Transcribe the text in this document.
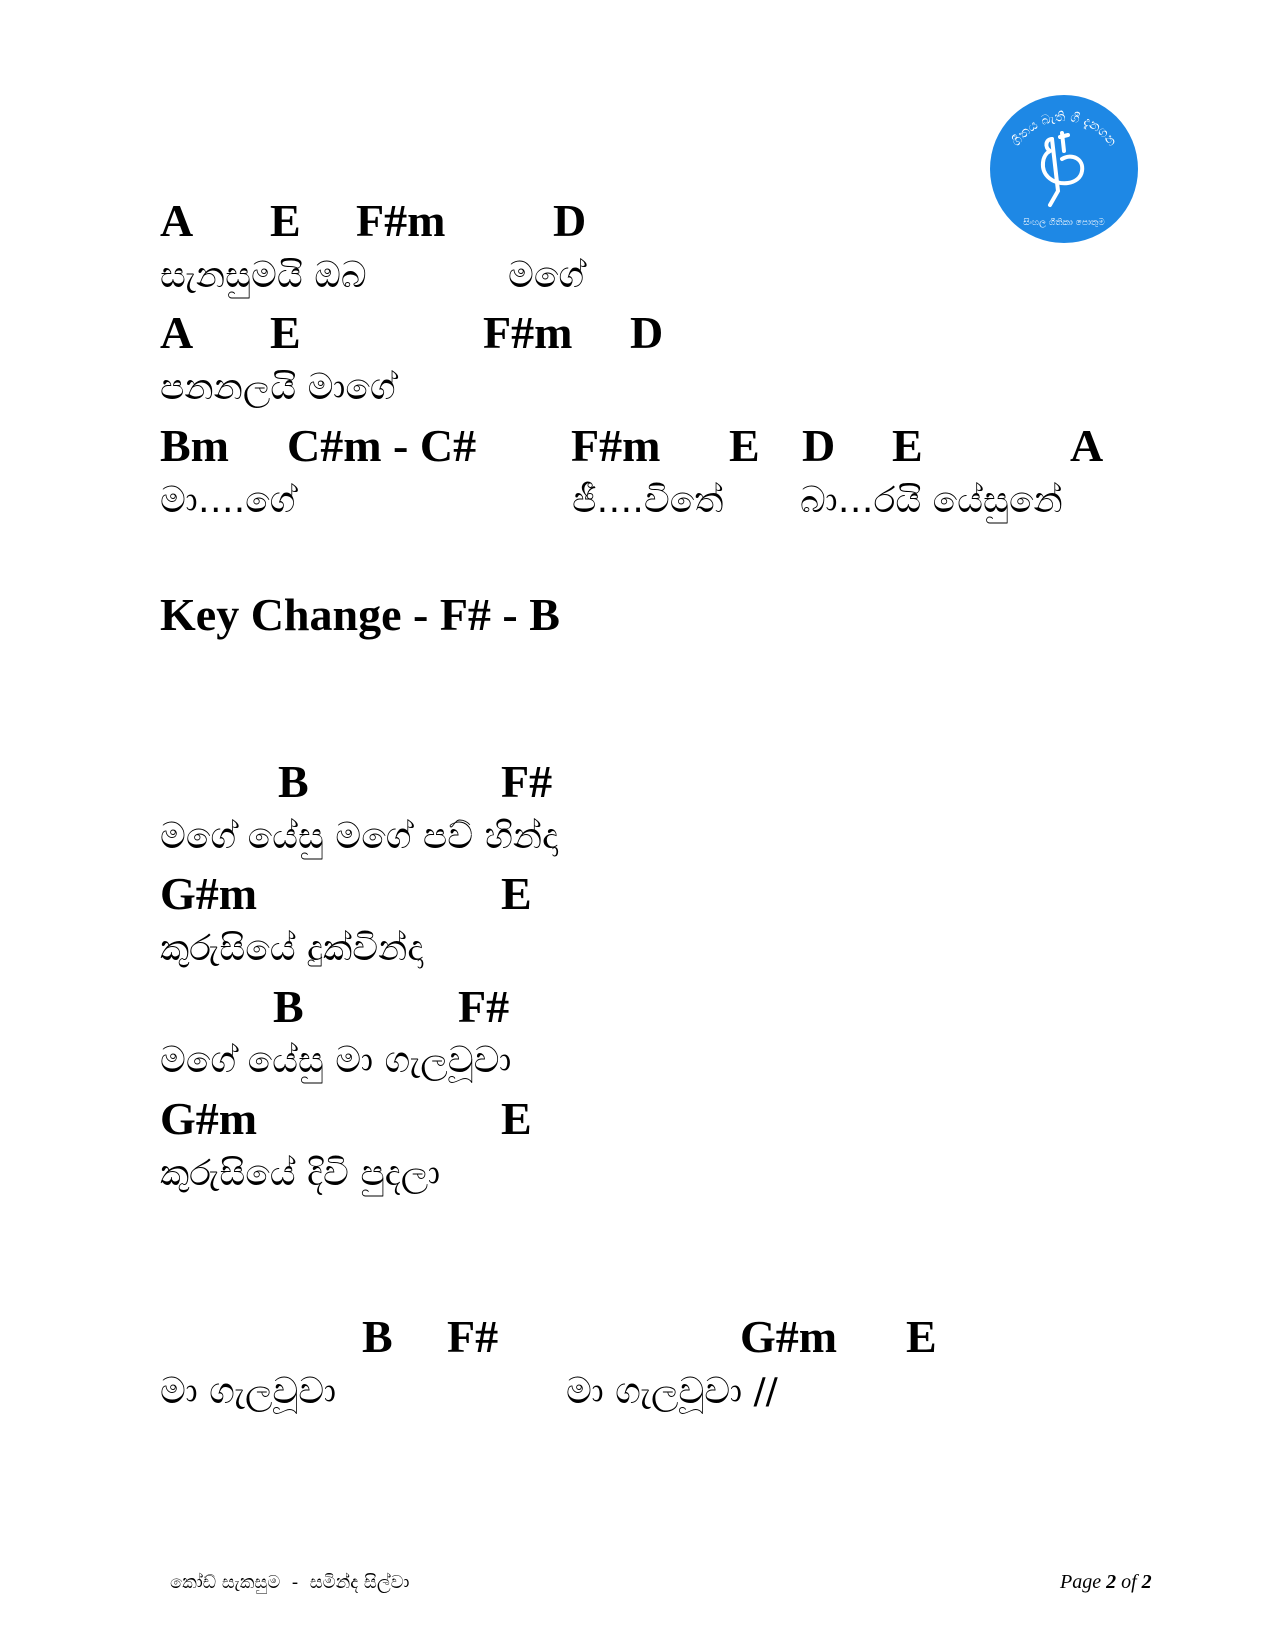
ගීතය බැති ගී දැනගන
සිංහල ගීතිකා පොතුම

A

E

F#m

D

සැනසුමයි ඔබ

	මගේ

A

E

	F#m

D

පනනලයි මාගේ

Bm

C#m - C#

F#m

E

D

E

	A

මා….ගේ

	ජී….විතේ

බා…රයි යේසුනේ

Key Change - F# - B

B

	F#

මගේ යේසු මගේ පව් හින්දා

G#m

	E

කුරුසියේ දුක්වින්දා

B

	F#

මගේ යේසු මා ගැලවූවා

G#m

	E

කුරුසියේ දිවි පුදලා

B

F#

	G#m

E

මා ගැලවූවා

	මා ගැලවූවා //

කෝඩ් සැකසුම  -  සමින්ද සිල්වා	Page 2 of 2
